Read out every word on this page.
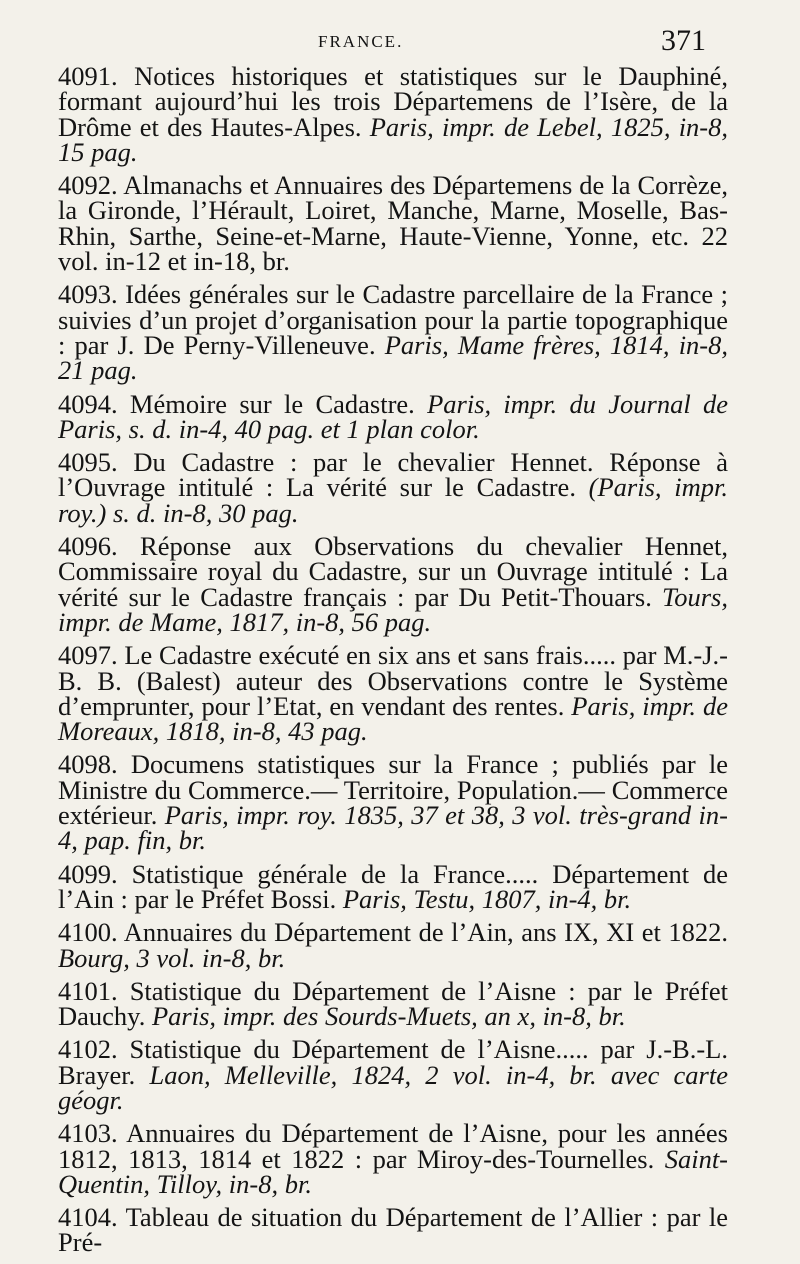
FRANCE.	371

4091. Notices historiques et statistiques sur le Dauphiné, formant aujourd’hui les trois Départemens de l’Isère, de la Drôme et des Hautes-Alpes. Paris, impr. de Lebel, 1825, in-8, 15 pag.

4092. Almanachs et Annuaires des Départemens de la Corrèze, la Gironde, l’Hérault, Loiret, Manche, Marne, Moselle, Bas-Rhin, Sarthe, Seine-et-Marne, Haute-Vienne, Yonne, etc. 22 vol. in-12 et in-18, br.

4093. Idées générales sur le Cadastre parcellaire de la France ; suivies d’un projet d’organisation pour la partie topographique : par J. De Perny-Villeneuve. Paris, Mame frères, 1814, in-8, 21 pag.

4094. Mémoire sur le Cadastre. Paris, impr. du Journal de Paris, s. d. in-4, 40 pag. et 1 plan color.

4095. Du Cadastre : par le chevalier Hennet. Réponse à l’Ouvrage intitulé : La vérité sur le Cadastre. (Paris, impr. roy.) s. d. in-8, 30 pag.

4096. Réponse aux Observations du chevalier Hennet, Commissaire royal du Cadastre, sur un Ouvrage intitulé : La vérité sur le Cadastre français : par Du Petit-Thouars. Tours, impr. de Mame, 1817, in-8, 56 pag.

4097. Le Cadastre exécuté en six ans et sans frais..... par M.-J.-B. B. (Balest) auteur des Observations contre le Système d’emprunter, pour l’Etat, en vendant des rentes. Paris, impr. de Moreaux, 1818, in-8, 43 pag.

4098. Documens statistiques sur la France ; publiés par le Ministre du Commerce.— Territoire, Population.— Commerce extérieur. Paris, impr. roy. 1835, 37 et 38, 3 vol. très-grand in-4, pap. fin, br.

4099. Statistique générale de la France..... Département de l’Ain : par le Préfet Bossi. Paris, Testu, 1807, in-4, br.

4100. Annuaires du Département de l’Ain, ans IX, XI et 1822. Bourg, 3 vol. in-8, br.

4101. Statistique du Département de l’Aisne : par le Préfet Dauchy. Paris, impr. des Sourds-Muets, an x, in-8, br.

4102. Statistique du Département de l’Aisne..... par J.-B.-L. Brayer. Laon, Melleville, 1824, 2 vol. in-4, br. avec carte géogr.

4103. Annuaires du Département de l’Aisne, pour les années 1812, 1813, 1814 et 1822 : par Miroy-des-Tournelles. Saint-Quentin, Tilloy, in-8, br.

4104. Tableau de situation du Département de l’Allier : par le Pré-
